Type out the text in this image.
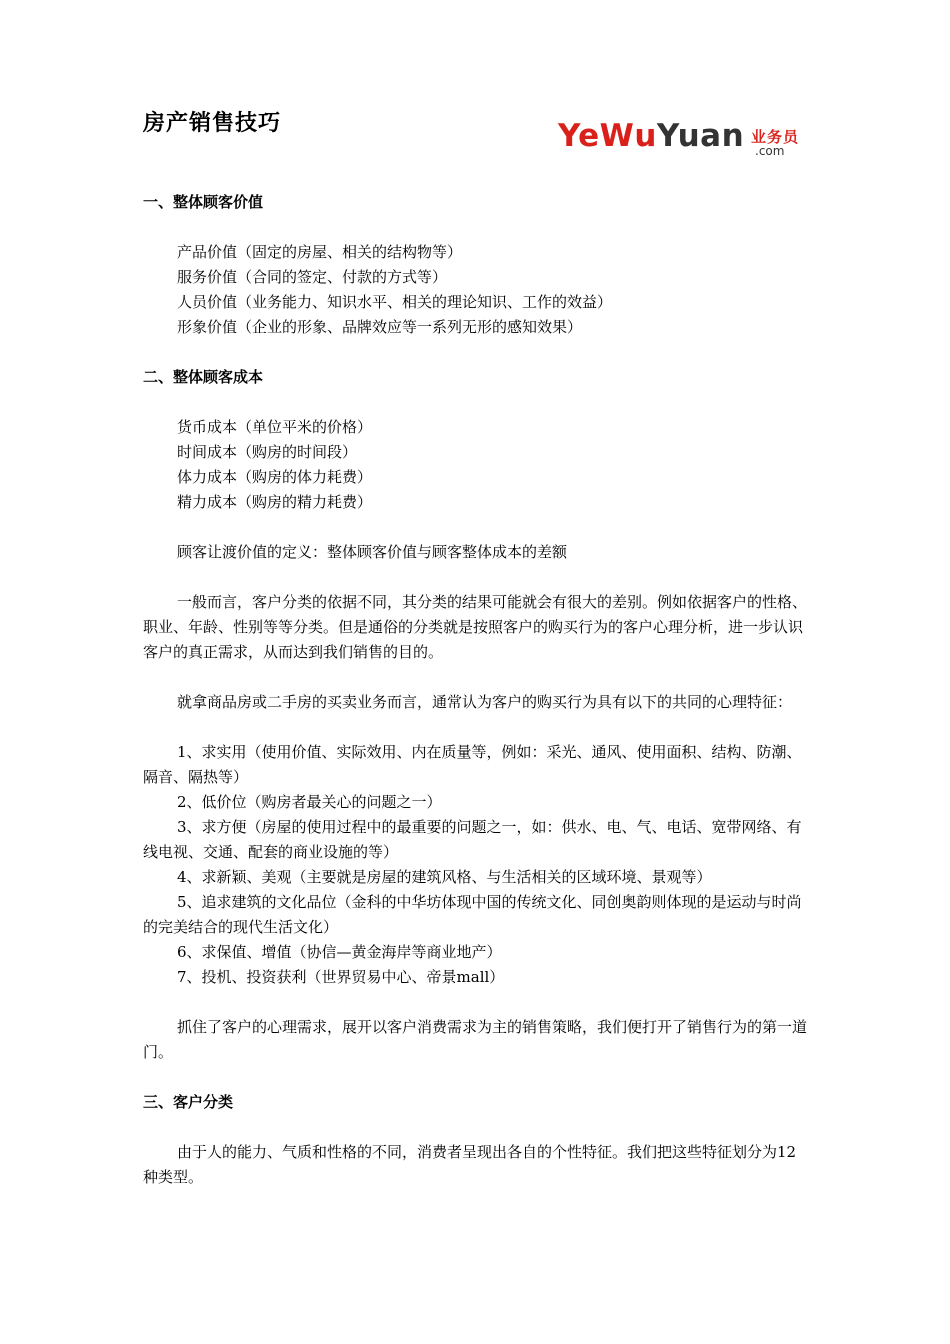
房产销售技巧	YeWuYuan 业务员
.com
一、整体顾客价值
产品价值（固定的房屋、相关的结构物等）
服务价值（合同的签定、付款的方式等）
人员价值（业务能力、知识水平、相关的理论知识、工作的效益）
形象价值（企业的形象、品牌效应等一系列无形的感知效果）
二、整体顾客成本
货币成本（单位平米的价格）
时间成本（购房的时间段）
体力成本（购房的体力耗费）
精力成本（购房的精力耗费）
顾客让渡价值的定义：整体顾客价值与顾客整体成本的差额
一般而言，客户分类的依据不同，其分类的结果可能就会有很大的差别。例如依据客户的性格、职业、年龄、性别等等分类。但是通俗的分类就是按照客户的购买行为的客户心理分析，进一步认识客户的真正需求，从而达到我们销售的目的。
就拿商品房或二手房的买卖业务而言，通常认为客户的购买行为具有以下的共同的心理特征：
1、求实用（使用价值、实际效用、内在质量等，例如：采光、通风、使用面积、结构、防潮、隔音、隔热等）
2、低价位（购房者最关心的问题之一）
3、求方便（房屋的使用过程中的最重要的问题之一，如：供水、电、气、电话、宽带网络、有线电视、交通、配套的商业设施的等）
4、求新颖、美观（主要就是房屋的建筑风格、与生活相关的区域环境、景观等）
5、追求建筑的文化品位（金科的中华坊体现中国的传统文化、同创奥韵则体现的是运动与时尚的完美结合的现代生活文化）
6、求保值、增值（协信—黄金海岸等商业地产）
7、投机、投资获利（世界贸易中心、帝景mall）
抓住了客户的心理需求，展开以客户消费需求为主的销售策略，我们便打开了销售行为的第一道门。
三、客户分类
由于人的能力、气质和性格的不同，消费者呈现出各自的个性特征。我们把这些特征划分为12种类型。
